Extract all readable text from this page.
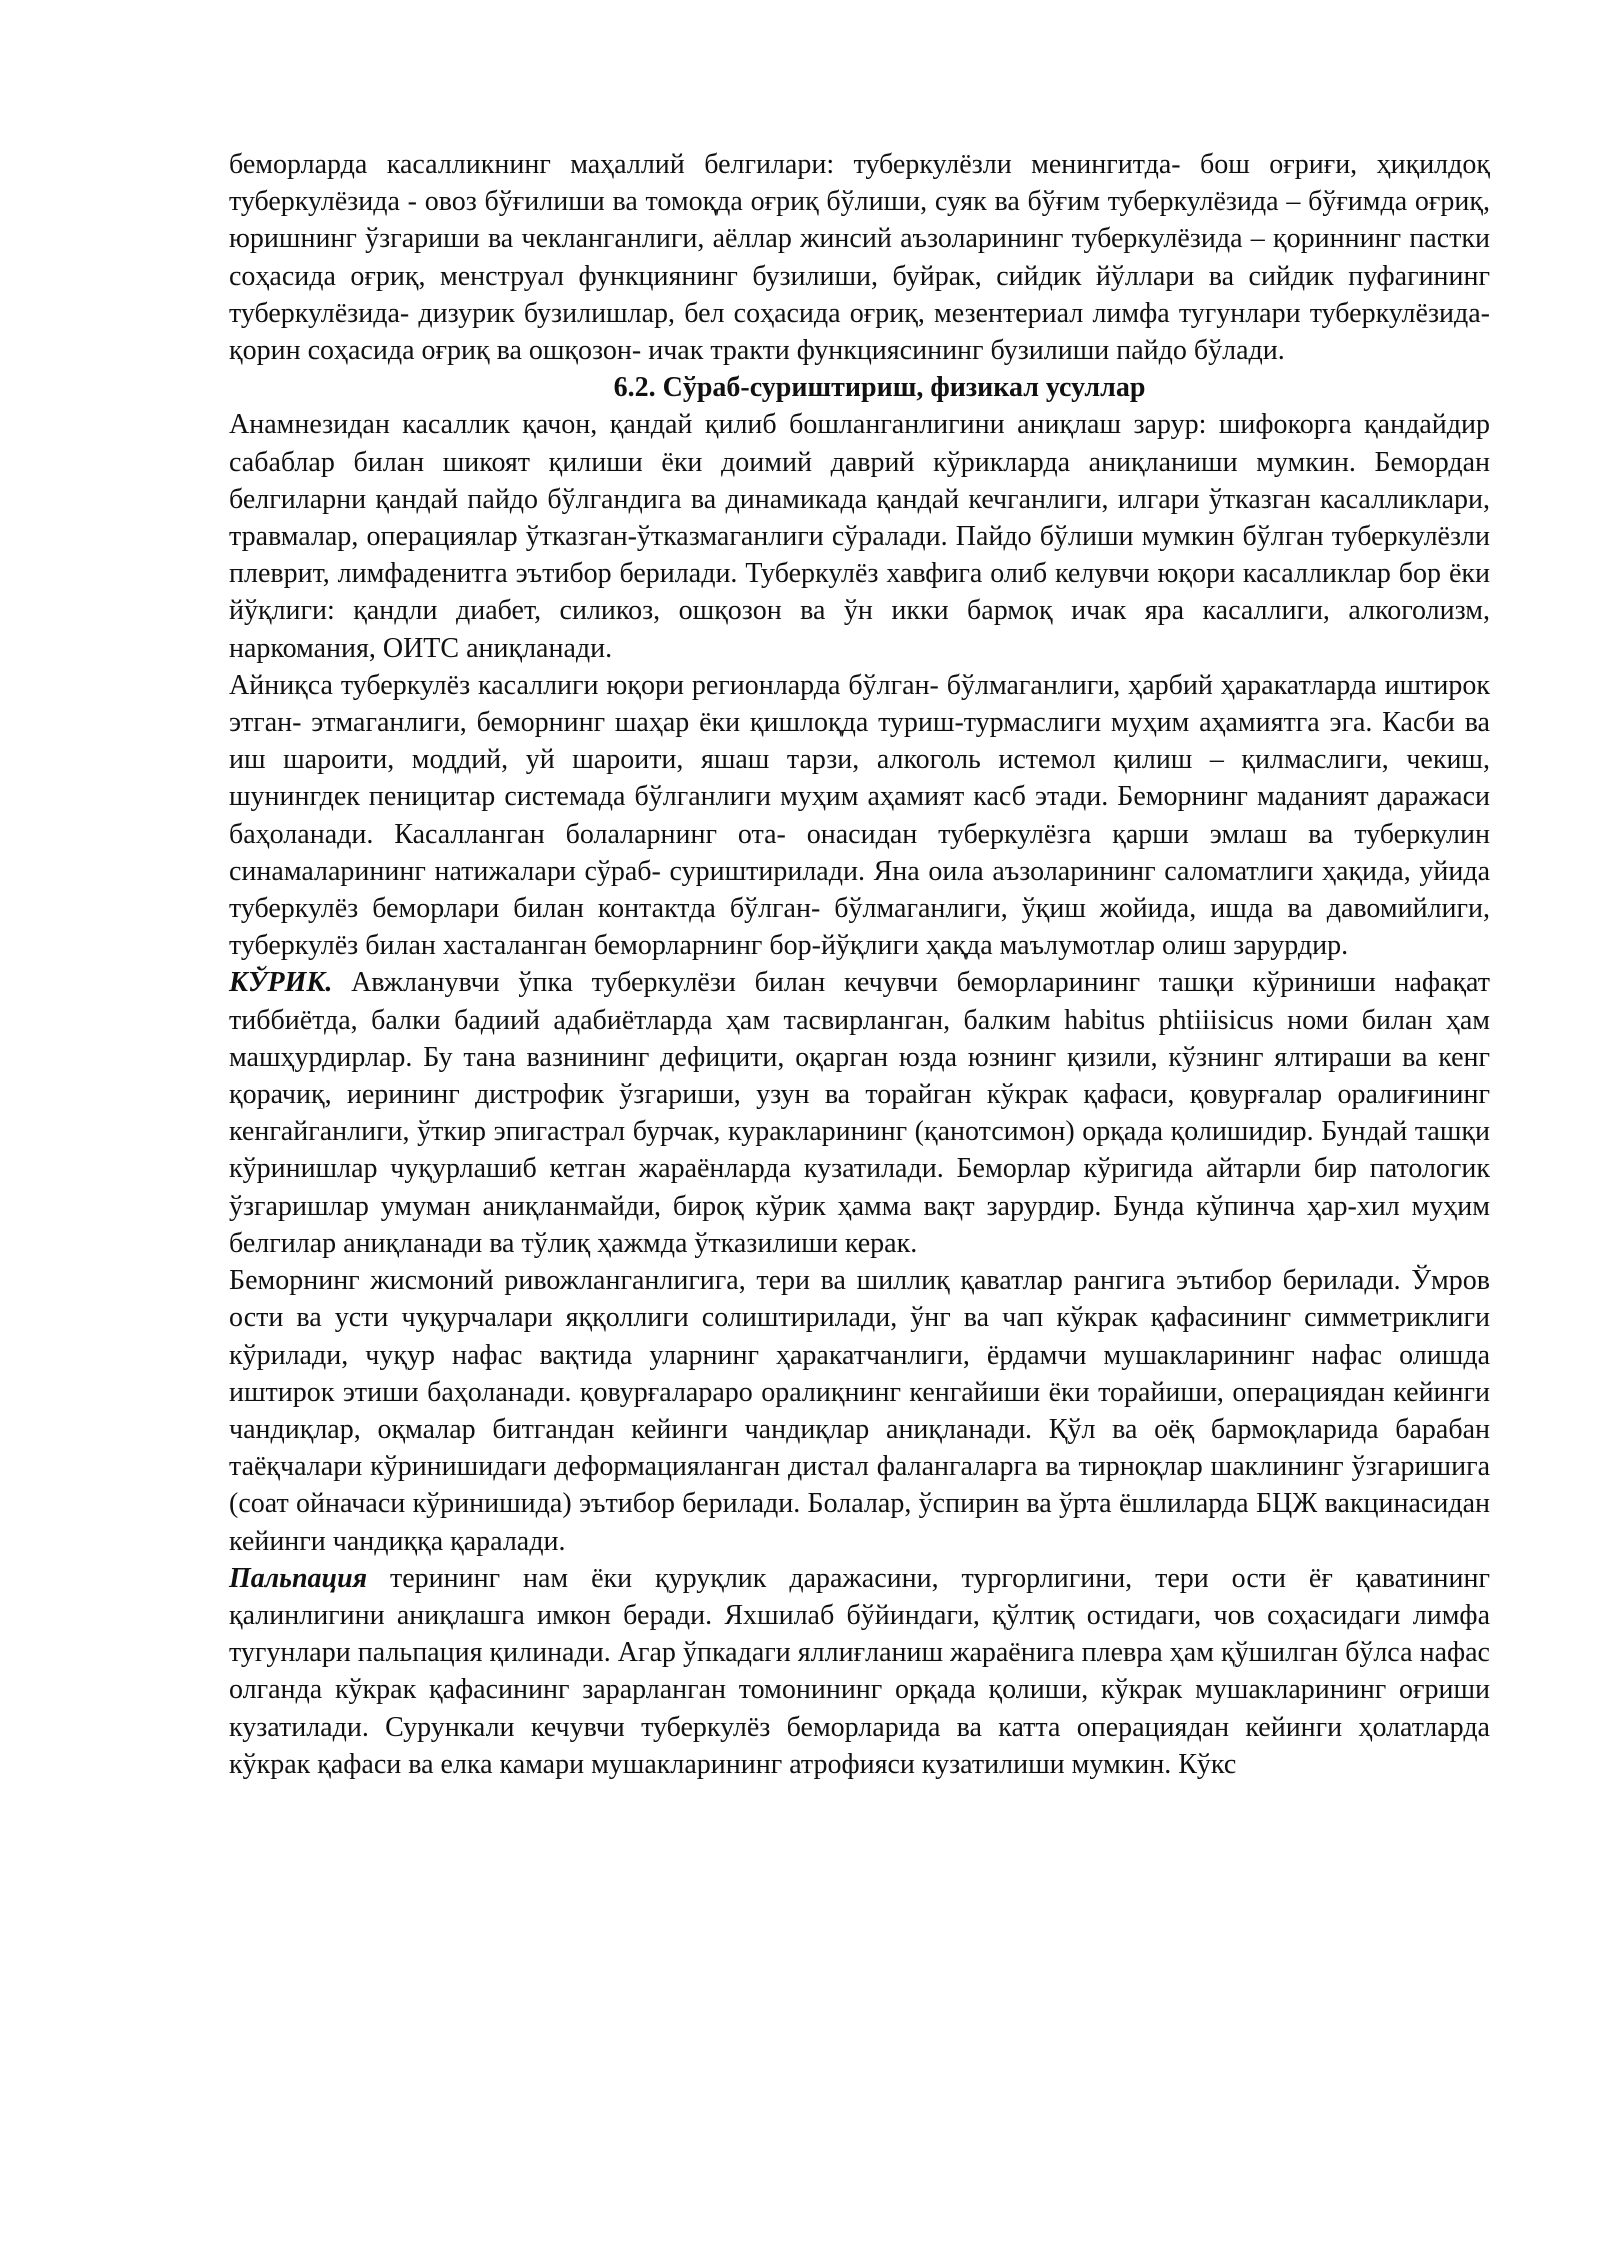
беморларда касалликнинг маҳаллий белгилари: туберкулёзли менингитда- бош оғриғи, ҳиқилдоқ туберкулёзида - овоз бўғилиши ва томоқда оғриқ бўлиши, суяк ва бўғим туберкулёзида – бўғимда оғриқ, юришнинг ўзгариши ва чекланганлиги, аёллар жинсий аъзоларининг туберкулёзида – қориннинг пастки соҳасида оғриқ, менструал функциянинг бузилиши, буйрак, сийдик йўллари ва сийдик пуфагининг туберкулёзида- дизурик бузилишлар, бел соҳасида оғриқ, мезентериал лимфа тугунлари туберкулёзида- қорин соҳасида оғриқ ва ошқозон- ичак тракти функциясининг бузилиши пайдо бўлади.

6.2. Сўраб-суриштириш, физикал усуллар

Анамнезидан касаллик қачон, қандай қилиб бошланганлигини аниқлаш зарур: шифокорга қандайдир сабаблар билан шикоят қилиши ёки доимий даврий кўрикларда аниқланиши мумкин. Бемордан белгиларни қандай пайдо бўлгандига ва динамикада қандай кечганлиги, илгари ўтказган касалликлари, травмалар, операциялар ўтказган-ўтказмаганлиги сўралади. Пайдо бўлиши мумкин бўлган туберкулёзли плеврит, лимфаденитга эътибор берилади. Туберкулёз хавфига олиб келувчи юқори касалликлар бор ёки йўқлиги: қандли диабет, силикоз, ошқозон ва ўн икки бармоқ ичак яра касаллиги, алкоголизм, наркомания, ОИТС аниқланади.

Айниқса туберкулёз касаллиги юқори регионларда бўлган- бўлмаганлиги, ҳарбий ҳаракатларда иштирок этган- этмаганлиги, беморнинг шаҳар ёки қишлоқда туриш-турмаслиги муҳим аҳамиятга эга. Касби ва иш шароити, моддий, уй шароити, яшаш тарзи, алкоголь истемол қилиш – қилмаслиги, чекиш, шунингдек пеницитар системада бўлганлиги муҳим аҳамият касб этади. Беморнинг маданият даражаси баҳоланади. Касалланган болаларнинг ота- онасидан туберкулёзга қарши эмлаш ва туберкулин синамаларининг натижалари сўраб- суриштирилади. Яна оила аъзоларининг саломатлиги ҳақида, уйида туберкулёз беморлари билан контактда бўлган- бўлмаганлиги, ўқиш жойида, ишда ва давомийлиги, туберкулёз билан хасталанган беморларнинг бор-йўқлиги ҳақда маълумотлар олиш зарурдир.

КЎРИК. Авжланувчи ўпка туберкулёзи билан кечувчи беморларининг ташқи кўриниши нафақат тиббиётда, балки бадиий адабиётларда ҳам тасвирланган, балким habitus phtiiisicus номи билан ҳам машҳурдирлар. Бу тана вазнининг дефицити, оқарган юзда юзнинг қизили, кўзнинг ялтираши ва кенг қорачиқ, иерининг дистрофик ўзгариши, узун ва торайган кўкрак қафаси, қовурғалар оралиғининг кенгайганлиги, ўткир эпигастрал бурчак, куракларининг (қанотсимон) орқада қолишидир. Бундай ташқи кўринишлар чуқурлашиб кетган жараёнларда кузатилади. Беморлар кўригида айтарли бир патологик ўзгаришлар умуман аниқланмайди, бироқ кўрик ҳамма вақт зарурдир. Бунда кўпинча ҳар-хил муҳим белгилар аниқланади ва тўлиқ ҳажмда ўтказилиши керак.

Беморнинг жисмоний ривожланганлигига, тери ва шиллиқ қаватлар рангига эътибор берилади. Ўмров ости ва усти чуқурчалари яққоллиги солиштирилади, ўнг ва чап кўкрак қафасининг симметриклиги кўрилади, чуқур нафас вақтида уларнинг ҳаракатчанлиги, ёрдамчи мушакларининг нафас олишда иштирок этиши баҳоланади. қовурғалараро оралиқнинг кенгайиши ёки торайиши, операциядан кейинги чандиқлар, оқмалар битгандан кейинги чандиқлар аниқланади. Қўл ва оёқ бармоқларида барабан таёқчалари кўринишидаги деформацияланган дистал фалангаларга ва тирноқлар шаклининг ўзгаришига (соат ойначаси кўринишида) эътибор берилади. Болалар, ўспирин ва ўрта ёшлиларда БЦЖ вакцинасидан кейинги чандиққа қаралади.

Пальпация терининг нам ёки қуруқлик даражасини, тургорлигини, тери ости ёғ қаватининг қалинлигини аниқлашга имкон беради. Яхшилаб бўйиндаги, қўлтиқ остидаги, чов соҳасидаги лимфа тугунлари пальпация қилинади. Агар ўпкадаги яллиғланиш жараёнига плевра ҳам қўшилган бўлса нафас олганда кўкрак қафасининг зарарланган томонининг орқада қолиши, кўкрак мушакларининг оғриши кузатилади. Сурункали кечувчи туберкулёз беморларида ва катта операциядан кейинги ҳолатларда кўкрак қафаси ва елка камари мушакларининг атрофияси кузатилиши мумкин. Кўкс
